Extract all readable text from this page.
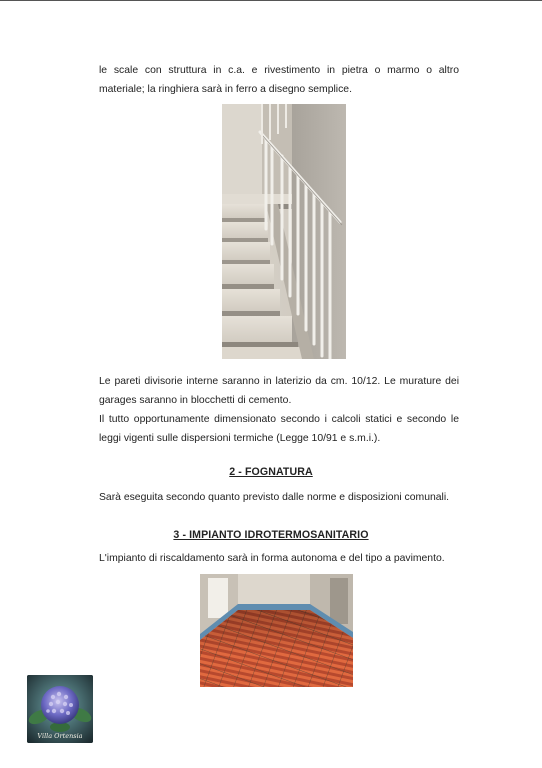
le scale con struttura in c.a. e rivestimento in pietra o marmo o altro
materiale; la ringhiera sarà in ferro a disegno semplice.
Le pareti divisorie interne saranno in laterizio da cm. 10/12. Le murature dei
garages saranno in blocchetti di cemento.
Il tutto opportunamente dimensionato secondo i calcoli statici e secondo le
leggi vigenti sulle dispersioni termiche (Legge 10/91 e s.m.i.).
2 - FOGNATURA
Sarà eseguita secondo quanto previsto dalle norme e disposizioni comunali.
3 - IMPIANTO IDROTERMOSANITARIO
L'impianto di riscaldamento sarà in forma autonoma e del tipo a pavimento.
Villa Ortensia
